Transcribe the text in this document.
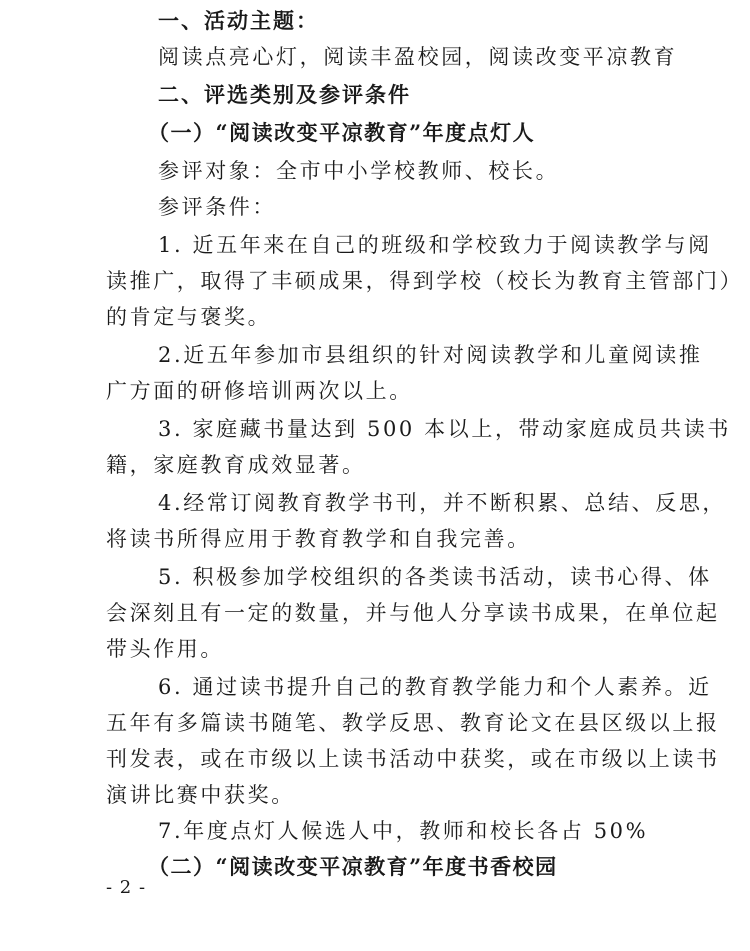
一、活动主题：
阅读点亮心灯，阅读丰盈校园，阅读改变平凉教育
二、评选类别及参评条件
（一）“阅读改变平凉教育”年度点灯人
参评对象：全市中小学校教师、校长。
参评条件：
1. 近五年来在自己的班级和学校致力于阅读教学与阅
读推广，取得了丰硕成果，得到学校（校长为教育主管部门）
的肯定与褒奖。
2.近五年参加市县组织的针对阅读教学和儿童阅读推
广方面的研修培训两次以上。
3. 家庭藏书量达到 500 本以上，带动家庭成员共读书
籍，家庭教育成效显著。
4.经常订阅教育教学书刊，并不断积累、总结、反思，
将读书所得应用于教育教学和自我完善。
5. 积极参加学校组织的各类读书活动，读书心得、体
会深刻且有一定的数量，并与他人分享读书成果，在单位起
带头作用。
6. 通过读书提升自己的教育教学能力和个人素养。近
五年有多篇读书随笔、教学反思、教育论文在县区级以上报
刊发表，或在市级以上读书活动中获奖，或在市级以上读书
演讲比赛中获奖。
7.年度点灯人候选人中，教师和校长各占 50%
（二）“阅读改变平凉教育”年度书香校园
- 2 -
